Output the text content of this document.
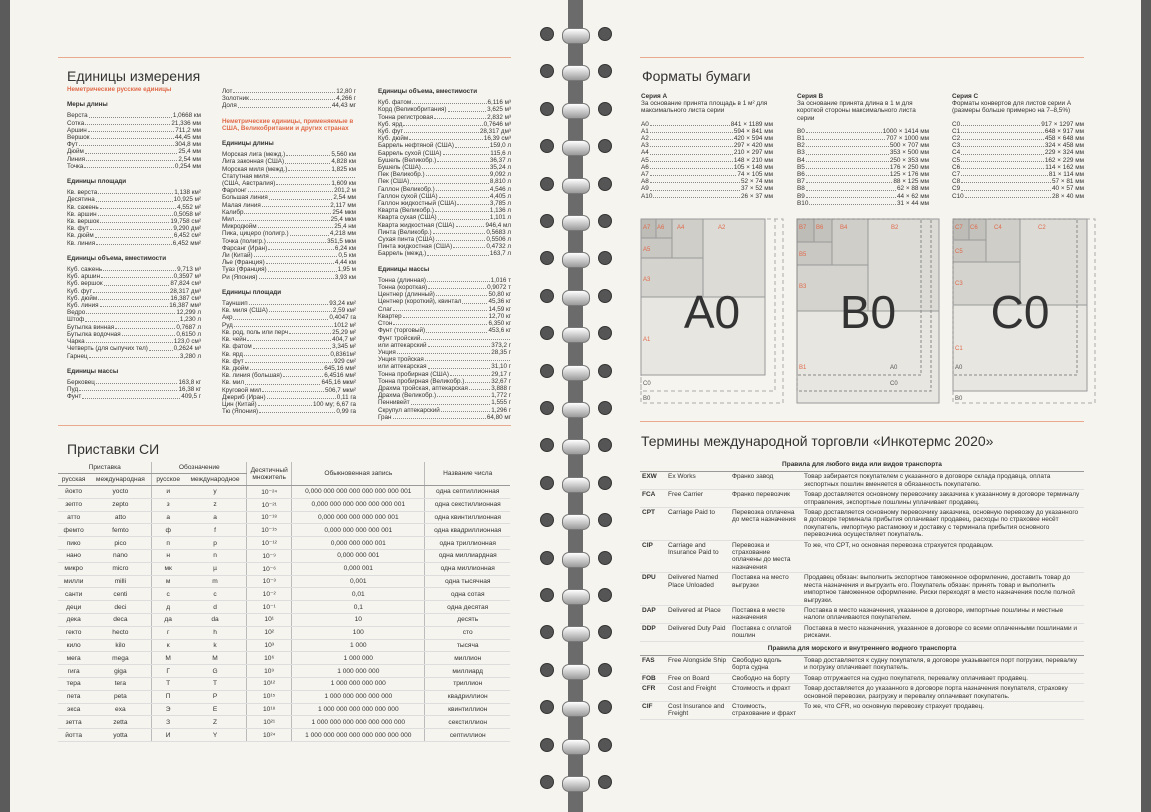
Единицы измерения
Неметрические русские единицы
Меры длины
Верста	1,0668 км
Сотка	21,336 мм
Аршин	711,2 мм
Вершок	44,45 мм
Фут	304,8 мм
Дюйм	25,4 мм
Линия	2,54 мм
Точка	0,254 мм
Единицы площади
Кв. верста	1,138 км²
Десятина	10,925 м²
Кв. сажень	4,552 м²
Кв. аршин	0,5058 м²
Кв. вершок	19,758 см²
Кв. фут	9,290 дм²
Кв. дюйм	6,452 см²
Кв. линия	6,452 мм²
Единицы объема, вместимости
Куб. сажень	9,713 м³
Куб. аршин	0,3597 м³
Куб. вершок	87,824 см³
Куб. фут	28,317 дм³
Куб. дюйм	16,387 см³
Куб. линия	16,387 мм³
Ведро	12,299 л
Штоф	1,230 л
Бутылка винная	0,7687 л
Бутылка водочная	0,6150 л
Чарка	123,0 см³
Четверть (для сыпучих тел)	0,2624 м³
Гарнец	3,280 л
Единицы массы
Берковец	163,8 кг
Пуд	16,38 кг
Фунт	409,5 г
Лот	12,80 г
Золотник	4,266 г
Доля	44,43 мг
Неметрические единицы, применяемые в США, Великобритании и других странах
Единицы длины
Морская лига (межд.)	5,560 км
Лига законная (США)	4,828 км
Морская миля (межд.)	1,825 км
Статутная миля
(США, Австралия)	1,609 км
Фарлонг	201,2 м
Большая линия	2,54 мм
Малая линия	2,117 мм
Калибр	254 мкм
Мил	25,4 мкм
Микродюйм	25,4 нм
Пика, цицеро (полигр.)	4,218 мм
Точка (полигр.)	351,5 мкм
Фарсанг (Иран)	6,24 км
Ли (Китай)	0,5 км
Лье (Франция)	4,44 км
Туаз (Франция)	1,95 м
Ри (Япония)	3,93 км
Единицы площади
Тауншип	93,24 км²
Кв. миля (США)	2,59 км²
Акр	0,4047 га
Руд	1012 м²
Кв. род, поль или перч	25,29 м²
Кв. чейн	404,7 м²
Кв. фатом	3,345 м²
Кв. ярд	0,8361м²
Кв. фут	929 см²
Кв. дюйм	645,16 мм²
Кв. линия (большая)	6,4516 мм²
Кв. мил	645,16 мкм²
Круговой мил	506,7 мкм²
Джериб (Иран)	0,11 га
Цин (Китай)	100 му; 6,67 га
Тю (Япония)	0,99 га
Единицы объема, вместимости
Куб. фатом	6,116 м³
Корд (Великобритания)	3,625 м³
Тонна регистровая	2,832 м³
Куб. ярд	0,7646 м³
Куб. фут	28,317 дм³
Куб. дюйм	16,39 см³
Баррель нефтяной (США)	159,0 л
Баррель сухой (США)	115,6 л
Бушель (Великобр.)	36,37 л
Бушель (США)	35,24 л
Пек (Великобр.)	9,092 л
Пек (США)	8,810 л
Галлон (Великобр.)	4,546 л
Галлон сухой (США)	4,405 л
Галлон жидкостный (США)	3,785 л
Кварта (Великобр.)	1,136 л
Кварта сухая (США)	1,101 л
Кварта жидкостная (США)	946,4 мл
Пинта (Великобр.)	0,5683 л
Сухая пинта (США)	0,5506 л
Пинта жидкостная (США)	0,4732 л
Баррель (межд.)	163,7 л
Единицы массы
Тонна (длинная)	1,016 т
Тонна (короткая)	0,9072 т
Центнер (длинный)	50,80 кг
Центнер (короткий), квинтал	45,36 кг
Слаг	14,59 кг
Квартер	12,70 кг
Стон	6,350 кг
Фунт (торговый)	453,6 кг
Фунт тройский
или аптекарский	373,2 г
Унция	28,35 г
Унция тройская
или аптекарская	31,10 г
Тонна пробирная (США)	29,17 г
Тонна пробирная (Великобр.)	32,67 г
Драхма тройская, аптекарская	3,888 г
Драхма (Великобр.)	1,772 г
Пеннивейт	1,555 г
Скрупул аптекарский	1,296 г
Гран	64,80 мг
Приставки СИ
Приставка		Обозначение		Десятичный множитель	Обыкновенная запись	Название числа
русская	международная	русское	международное			
йокто	yocto	и	y	10⁻²⁴	0,000 000 000 000 000 000 000 001	одна септиллионная
зепто	zepto	з	z	10⁻²¹	0,000 000 000 000 000 000 001	одна секстиллионная
атто	atto	а	a	10⁻¹⁸	0,000 000 000 000 000 001	одна квинтиллионная
фемто	femto	ф	f	10⁻¹⁵	0,000 000 000 000 001	одна квадриллионная
пико	pico	п	p	10⁻¹²	0,000 000 000 001	одна триллионная
нано	nano	н	n	10⁻⁹	0,000 000 001	одна миллиардная
микро	micro	мк	µ	10⁻⁶	0,000 001	одна миллионная
милли	milli	м	m	10⁻³	0,001	одна тысячная
санти	centi	с	c	10⁻²	0,01	одна сотая
деци	deci	д	d	10⁻¹	0,1	одна десятая
дека	deca	да	da	10¹	10	десять
гекто	hecto	г	h	10²	100	сто
кило	kilo	к	k	10³	1 000	тысяча
мега	mega	М	M	10⁶	1 000 000	миллион
гига	giga	Г	G	10⁹	1 000 000 000	миллиард
тера	tera	Т	T	10¹²	1 000 000 000 000	триллион
пета	peta	П	P	10¹⁵	1 000 000 000 000 000	квадриллион
экса	exa	Э	E	10¹⁸	1 000 000 000 000 000 000	квинтиллион
зетта	zetta	З	Z	10²¹	1 000 000 000 000 000 000 000	секстиллион
йотта	yotta	И	Y	10²⁴	1 000 000 000 000 000 000 000 000	септиллион
Форматы бумаги
Серия А
За основание принята площадь в 1 м² для максимального листа серии
A0	841 × 1189 мм
A1	594 × 841 мм
A2	420 × 594 мм
A3	297 × 420 мм
A4	210 × 297 мм
A5	148 × 210 мм
A6	105 × 148 мм
A7	74 × 105 мм
A8	52 × 74 мм
A9	37 × 52 мм
A10	26 × 37 мм
Серия В
За основание принята длина в 1 м для короткой стороны максимального листа серии
B0	1000 × 1414 мм
B1	707 × 1000 мм
B2	500 × 707 мм
B3	353 × 500 мм
B4	250 × 353 мм
B5	176 × 250 мм
B6	125 × 176 мм
B7	88 × 125 мм
B8	62 × 88 мм
B9	44 × 62 мм
B10	31 × 44 мм
Серия С
Форматы конвертов для листов серии А (размеры больше примерно на 7–8,5%)
C0	917 × 1297 мм
C1	648 × 917 мм
C2	458 × 648 мм
C3	324 × 458 мм
C4	229 × 324 мм
C5	162 × 229 мм
C6	114 × 162 мм
C7	81 × 114 мм
C8	57 × 81 мм
C9	40 × 57 мм
C10	28 × 40 мм
A7 A6 A4	A2
A5
A3
A1
C0
B0
A0
B7 B6	B4	B2
B5
B3
B1	A0
C0
B0
C7 C6	C4	C2
C5
C3
C1
A0
B0
C0
Термины международной торговли «Инкотермс 2020»
Правила для любого вида или видов транспорта			
EXW	Ex Works	Франко завод	Товар забирается покупателем с указанного в договоре склада продавца, оплата экспортных пошлин вменяется в обязанность покупателю.
FCA	Free Carrier	Франко перевозчик	Товар доставляется основному перевозчику заказчика к указанному в договоре терминалу отправления, экспортные пошлины уплачивает продавец.
CPT	Carriage Paid to	Перевозка оплачена до места назначения	Товар доставляется основному перевозчику заказчика, основную перевозку до указанного в договоре терминала прибытия оплачивает продавец, расходы по страховке несёт покупатель, импортную растаможку и доставку с терминала прибытия основного перевозчика осуществляет покупатель.
CIP	Carriage and Insurance Paid to	Перевозка и страхование оплачены до места назначения	То же, что CPT, но основная перевозка страхуется продавцом.
DPU	Delivered Named Place Unloaded	Поставка на место выгрузки	Продавец обязан: выполнить экспортное таможенное оформление, доставить товар до места назначения и выгрузить его. Покупатель обязан: принять товар и выполнить импортное таможенное оформление. Риски переходят в место назначения после полной выгрузки.
DAP	Delivered at Place	Поставка в месте назначения	Поставка в место назначения, указанное в договоре, импортные пошлины и местные налоги оплачиваются покупателем.
DDP	Delivered Duty Paid	Поставка с оплатой пошлин	Поставка в место назначения, указанное в договоре со всеми оплаченными пошлинами и рисками.
Правила для морского и внутреннего водного транспорта			
FAS	Free Alongside Ship	Свободно вдоль борта судна	Товар доставляется к судну покупателя, в договоре указывается порт погрузки, перевалку и погрузку оплачивает покупатель.
FOB	Free on Board	Свободно на борту	Товар отгружается на судно покупателя, перевалку оплачивает продавец.
CFR	Cost and Freight	Стоимость и фрахт	Товар доставляется до указанного в договоре порта назначения покупателя, страховку основной перевозки, разгрузку и перевалку оплачивает покупатель.
CIF	Cost Insurance and Freight	Стоимость, страхование и фрахт	То же, что CFR, но основную перевозку страхует продавец.
